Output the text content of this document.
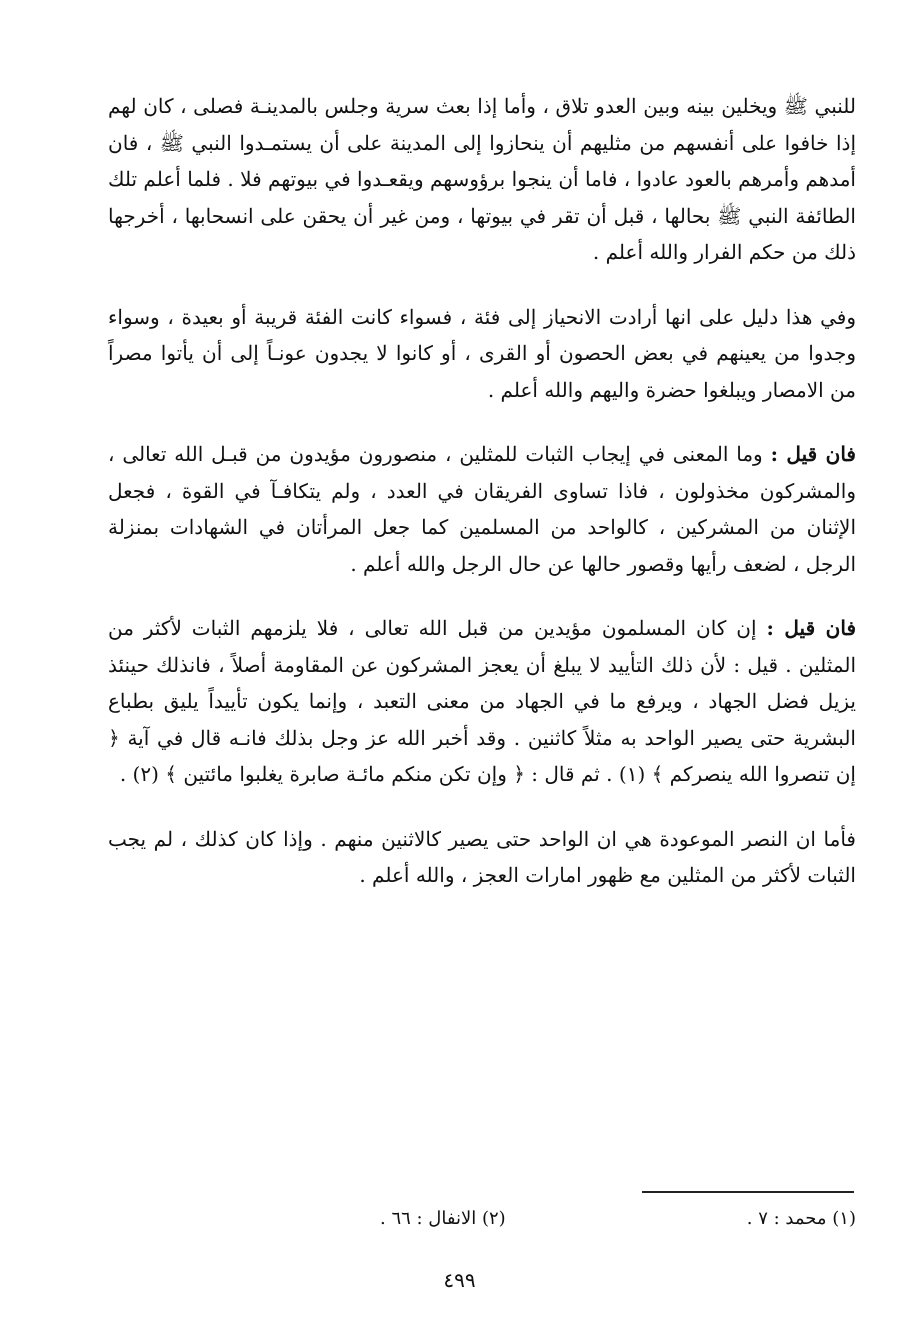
للنبي ﷺ ويخلين بينه وبين العدو تلاق ، وأما إذا بعث سرية وجلس بالمدينـة فصلى ، كان لهم إذا خافوا على أنفسهم من مثليهم أن ينحازوا إلى المدينة على أن يستمـدوا النبي ﷺ ، فان أمدهم وأمرهم بالعود عادوا ، فاما أن ينجوا برؤوسهم ويقعـدوا في بيوتهم فلا . فلما أعلم تلك الطائفة النبي ﷺ بحالها ، قبل أن تقر في بيوتها ، ومن غير أن يحقن على انسحابها ، أخرجها ذلك من حكم الفرار والله أعلم .

وفي هذا دليل على انها أرادت الانحياز إلى فئة ، فسواء كانت الفئة قريبة أو بعيدة ، وسواء وجدوا من يعينهم في بعض الحصون أو القرى ، أو كانوا لا يجدون عونـاً إلى أن يأتوا مصراً من الامصار ويبلغوا حضرة واليهم والله أعلم .

فان قيل : وما المعنى في إيجاب الثبات للمثلين ، منصورون مؤيدون من قبـل الله تعالى ، والمشركون مخذولون ، فاذا تساوى الفريقان في العدد ، ولم يتكافـآ في القوة ، فجعل الإثنان من المشركين ، كالواحد من المسلمين كما جعل المرأتان في الشهادات بمنزلة الرجل ، لضعف رأيها وقصور حالها عن حال الرجل والله أعلم .

فان قيل : إن كان المسلمون مؤيدين من قبل الله تعالى ، فلا يلزمهم الثبات لأكثر من المثلين . قيل : لأن ذلك التأييد لا يبلغ أن يعجز المشركون عن المقاومة أصلاً ، فانذلك حينئذ يزيل فضل الجهاد ، ويرفع ما في الجهاد من معنى التعبد ، وإنما يكون تأييداً يليق بطباع البشرية حتى يصير الواحد به مثلاً كاثنين . وقد أخبر الله عز وجل بذلك فانـه قال في آية ﴿ إن تنصروا الله ينصركم ﴾ (١) . ثم قال : ﴿ وإن تكن منكم مائـة صابرة يغلبوا مائتين ﴾ (٢) .

فأما ان النصر الموعودة هي ان الواحد حتى يصير كالاثنين منهم . وإذا كان كذلك ، لم يجب الثبات لأكثر من المثلين مع ظهور امارات العجز ، والله أعلم .

(١) محمد : ٧ .
(٢) الانفال : ٦٦ .
٤٩٩
